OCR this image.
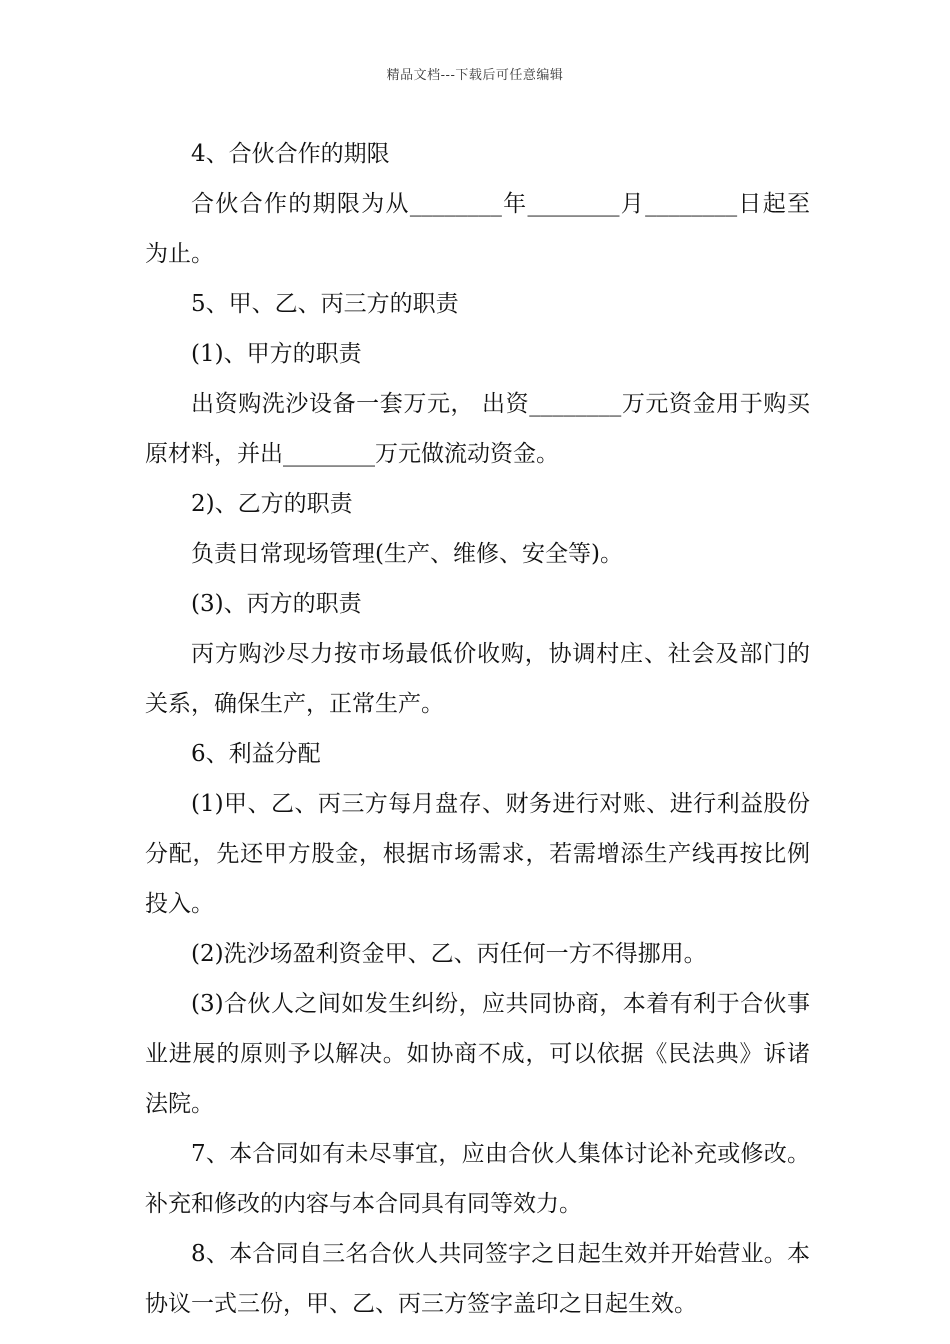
精品文档---下载后可任意编辑

4、合伙合作的期限

合伙合作的期限为从________年________月________日起至为止。

5、甲、乙、丙三方的职责

(1)、甲方的职责

出资购洗沙设备一套万元， 出资________万元资金用于购买原材料，并出________万元做流动资金。

2)、乙方的职责

负责日常现场管理(生产、维修、安全等)。

(3)、丙方的职责

丙方购沙尽力按市场最低价收购，协调村庄、社会及部门的关系，确保生产，正常生产。

6、利益分配

(1)甲、乙、丙三方每月盘存、财务进行对账、进行利益股份分配，先还甲方股金，根据市场需求，若需增添生产线再按比例投入。

(2)洗沙场盈利资金甲、乙、丙任何一方不得挪用。

(3)合伙人之间如发生纠纷，应共同协商，本着有利于合伙事业进展的原则予以解决。如协商不成，可以依据《民法典》诉诸法院。

7、本合同如有未尽事宜，应由合伙人集体讨论补充或修改。补充和修改的内容与本合同具有同等效力。

8、本合同自三名合伙人共同签字之日起生效并开始营业。本协议一式三份，甲、乙、丙三方签字盖印之日起生效。
